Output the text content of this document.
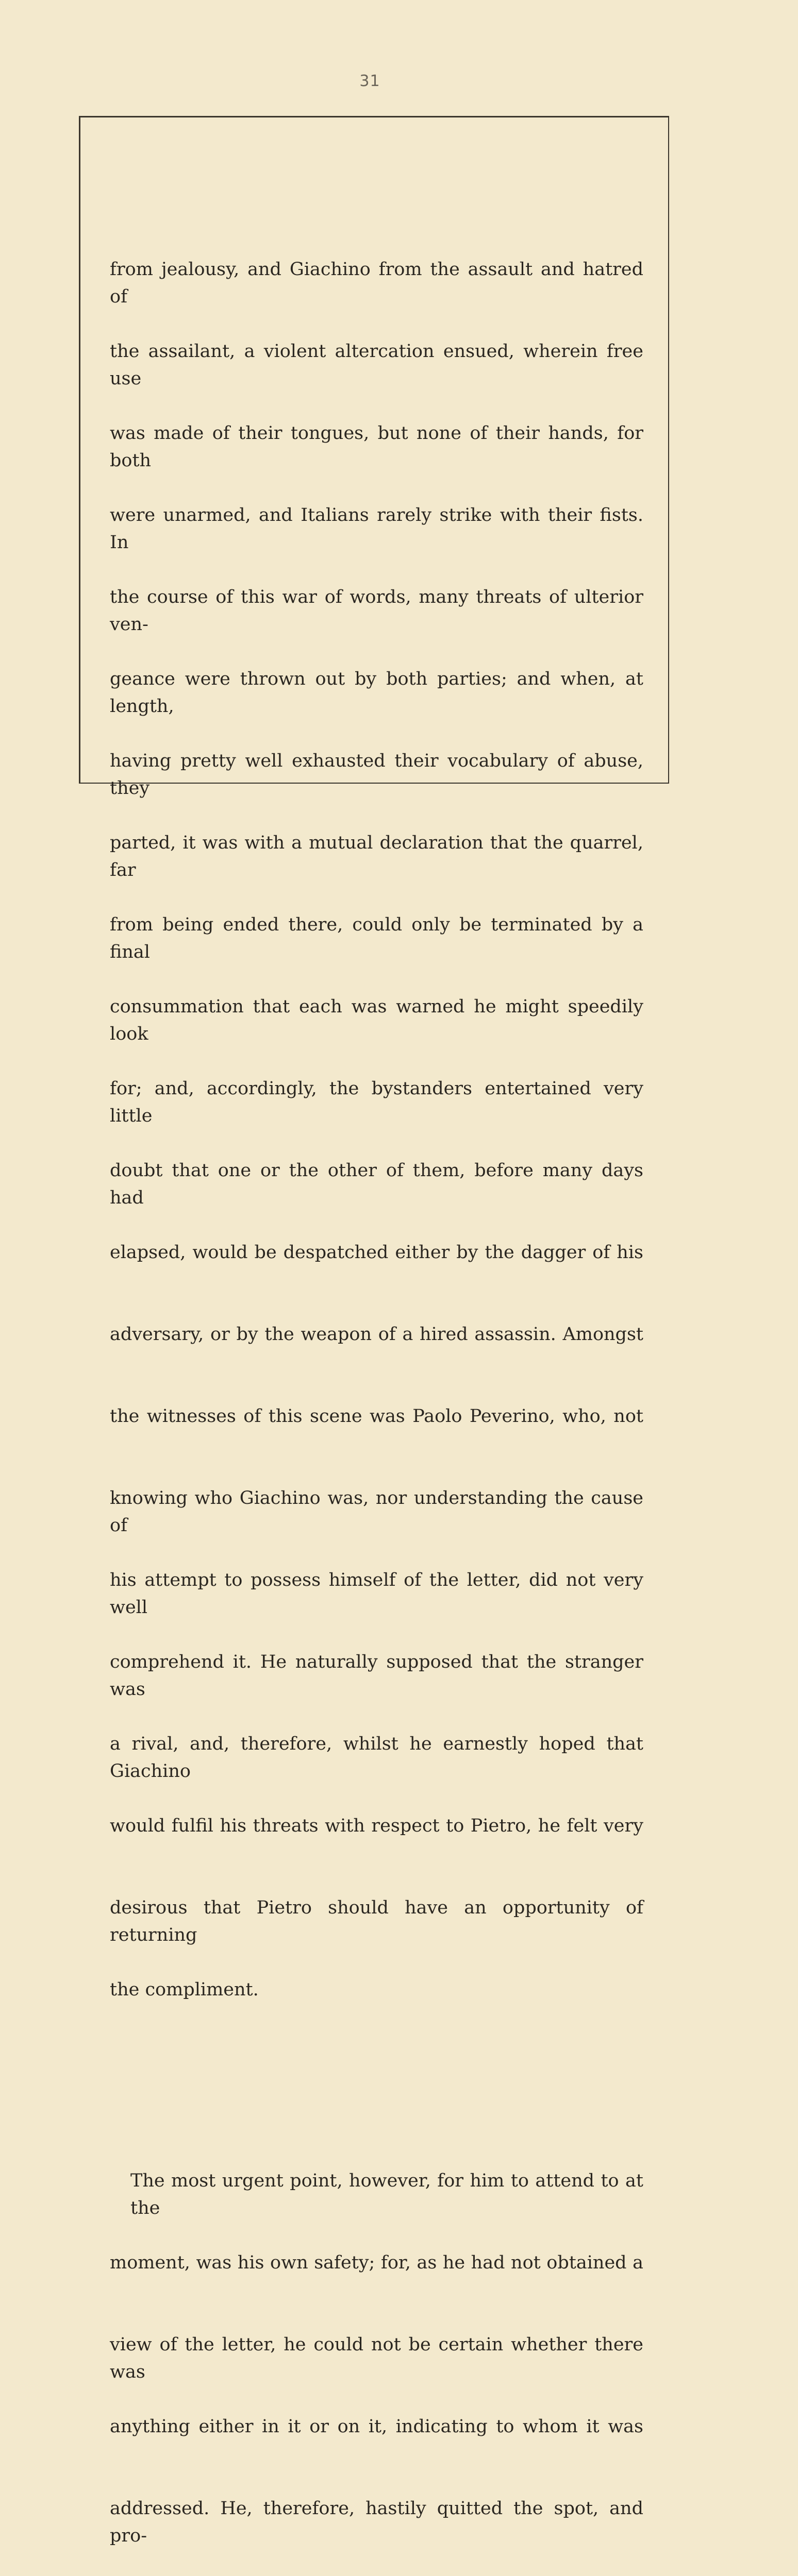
31

from jealousy, and Giachino from the assault and hatred of

the assailant, a violent altercation ensued, wherein free use

was made of their tongues, but none of their hands, for both

were unarmed, and Italians rarely strike with their fists. In

the course of this war of words, many threats of ulterior ven-

geance were thrown out by both parties; and when, at length,

having pretty well exhausted their vocabulary of abuse, they

parted, it was with a mutual declaration that the quarrel, far

from being ended there, could only be terminated by a final

consummation that each was warned he might speedily look

for; and, accordingly, the bystanders entertained very little

doubt that one or the other of them, before many days had

elapsed, would be despatched either by the dagger of his

adversary, or by the weapon of a hired assassin. Amongst

the witnesses of this scene was Paolo Peverino, who, not

knowing who Giachino was, nor understanding the cause of

his attempt to possess himself of the letter, did not very well

comprehend it. He naturally supposed that the stranger was

a rival, and, therefore, whilst he earnestly hoped that Giachino

would fulfil his threats with respect to Pietro, he felt very

desirous that Pietro should have an opportunity of returning

the compliment.

The most urgent point, however, for him to attend to at the

moment, was his own safety; for, as he had not obtained a

view of the letter, he could not be certain whether there was

anything either in it or on it, indicating to whom it was

addressed. He, therefore, hastily quitted the spot, and pro-
